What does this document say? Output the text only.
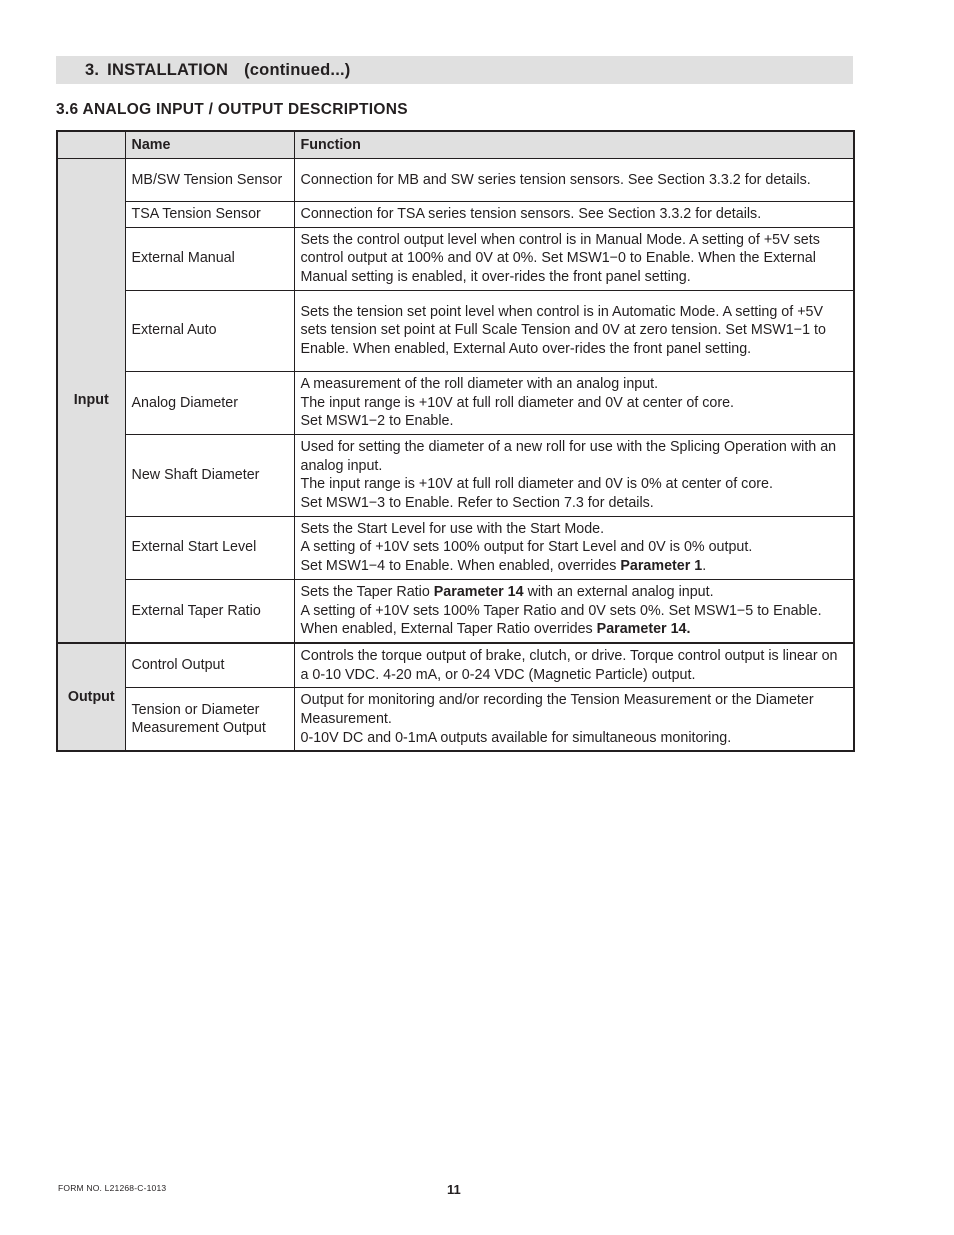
3. INSTALLATION (continued...)
3.6 ANALOG INPUT / OUTPUT DESCRIPTIONS
	Name	Function
Input	MB/SW Tension Sensor	Connection for MB and SW series tension sensors. See Section 3.3.2 for details.

	TSA Tension Sensor	Connection for TSA series tension sensors. See Section 3.3.2 for details.

	External Manual	Sets the control output level when control is in Manual Mode. A setting of +5V sets control output at 100% and 0V at 0%. Set MSW1−0 to Enable. When the External Manual setting is enabled, it over-rides the front panel setting.

	External Auto	Sets the tension set point level when control is in Automatic Mode. A setting of +5V sets tension set point at Full Scale Tension and 0V at zero tension. Set MSW1−1 to Enable. When enabled, External Auto over-rides the front panel setting.

	Analog Diameter	A measurement of the roll diameter with an analog input.
The input range is +10V at full roll diameter and 0V at center of core.
Set MSW1−2 to Enable.

	New Shaft Diameter	Used for setting the diameter of a new roll for use with the Splicing Operation with an analog input.
The input range is +10V at full roll diameter and 0V is 0% at center of core.
Set MSW1−3 to Enable. Refer to Section 7.3 for details.

	External Start Level	Sets the Start Level for use with the Start Mode.
A setting of +10V sets 100% output for Start Level and 0V is 0% output.
Set MSW1−4 to Enable. When enabled, overrides Parameter 1.

	External Taper Ratio	Sets the Taper Ratio Parameter 14 with an external analog input.
A setting of +10V sets 100% Taper Ratio and 0V sets 0%. Set MSW1−5 to Enable. When enabled, External Taper Ratio overrides Parameter 14.

Output	Control Output	Controls the torque output of brake, clutch, or drive. Torque control output is linear on a 0-10 VDC. 4-20 mA, or 0-24 VDC (Magnetic Particle) output.

	Tension or Diameter Measurement Output	Output for monitoring and/or recording the Tension Measurement or the Diameter Measurement.
0-10V DC and 0-1mA outputs available for simultaneous monitoring.
FORM NO. L21268-C-1013	11
